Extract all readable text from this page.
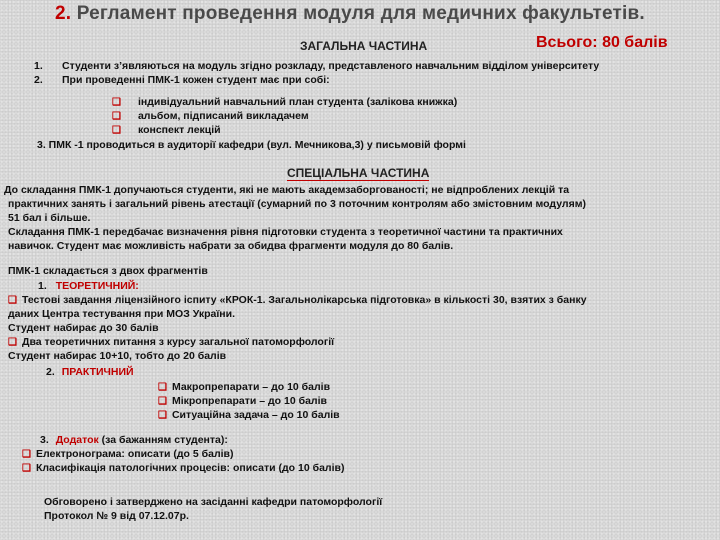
2. Регламент проведення модуля для медичних факультетів.
ЗАГАЛЬНА ЧАСТИНА	Всього: 80 балів
1. Студенти з’являються на модуль згідно розкладу, представленого навчальним відділом університету
2. При проведенні ПМК-1 кожен студент має при собі:
❑ індивідуальний навчальний план студента (залікова книжка)
❑ альбом, підписаний викладачем
❑ конспект лекцій
3. ПМК -1 проводиться в аудиторії кафедри (вул. Мечникова,3) у письмовій формі
СПЕЦІАЛЬНА ЧАСТИНА
До складання ПМК-1 допучаються студенти, які не мають академзаборгованості; не відпроблених лекцій та
практичних занять і загальний рівень атестації (сумарний по 3 поточним контролям або змістовним модулям)
51 бал і більше.
Складання ПМК-1 передбачає визначення рівня підготовки студента з теоретичної частини та практичних
навичок. Студент має можливість набрати за обидва фрагменти модуля до 80 балів.
ПМК-1 складається з двох фрагментів
1. ТЕОРЕТИЧНИЙ:
❑ Тестові завдання ліцензійного іспиту «КРОК-1. Загальнолікарська підготовка» в кількості 30, взятих з банку
даних Центра тестування при МОЗ України.
Студент набирає до 30 балів
❑ Два теоретичних питання з курсу загальної патоморфології
Студент набирає 10+10, тобто до 20 балів
2. ПРАКТИЧНИЙ
❑ Макропрепарати – до 10 балів
❑ Мікропрепарати – до 10 балів
❑ Ситуаційна задача – до 10 балів
3. Додаток (за бажанням студента):
❑ Електронограма: описати (до 5 балів)
❑ Класифікація патологічних процесів: описати (до 10 балів)
Обговорено і затверджено на засіданні кафедри патоморфології
Протокол № 9 від 07.12.07р.
